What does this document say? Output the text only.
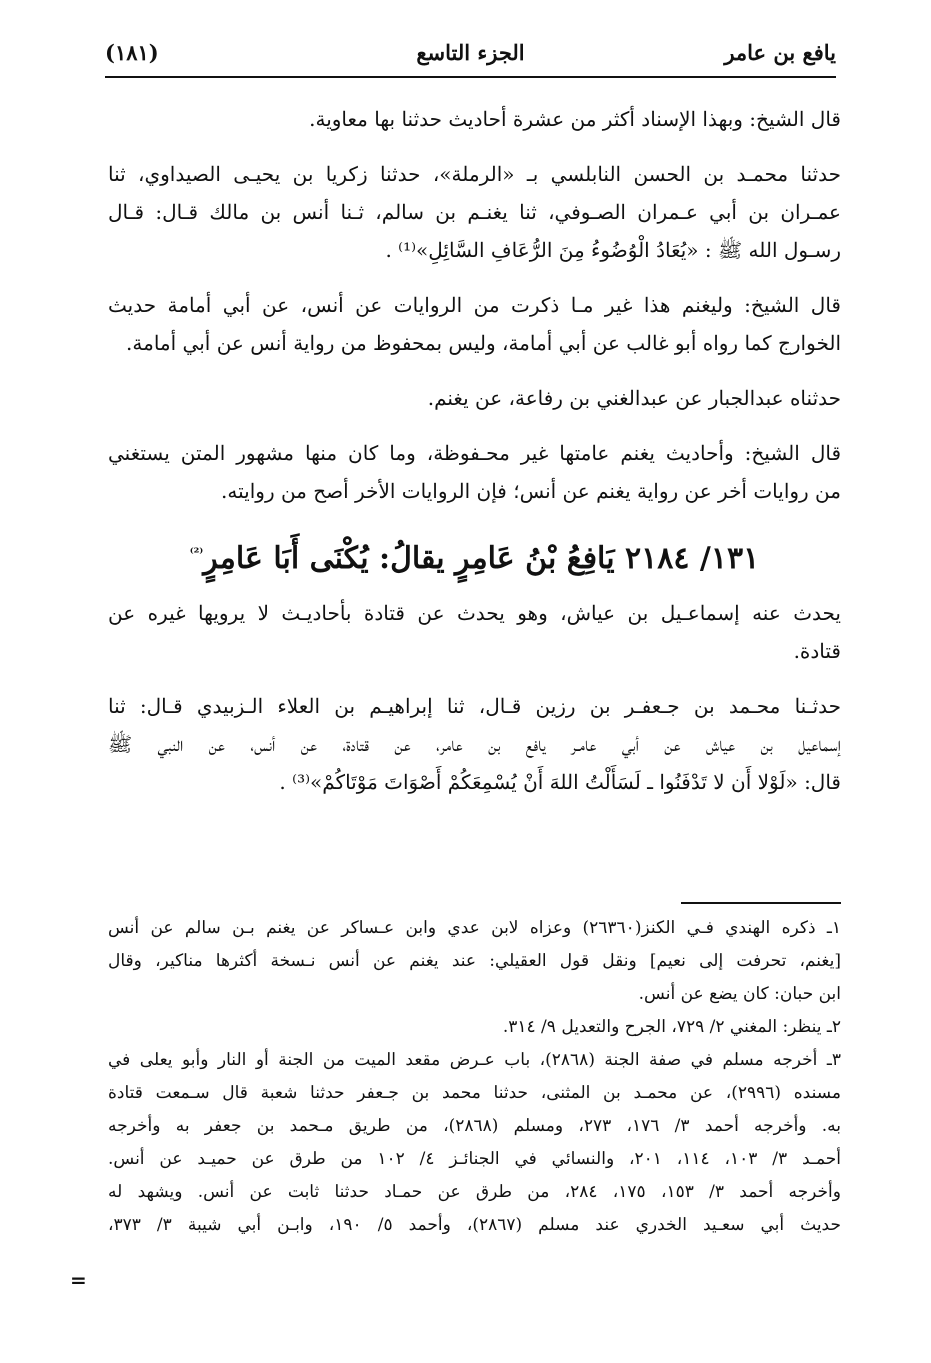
يافع بن عامر
الجزء التاسع
(١٨١)
قال الشيخ: وبهذا الإسناد أكثر من عشرة أحاديث حدثنا بها معاوية.
حدثنا محمـد بن الحسن النابلسي بـ «الرملة»، حدثنا زكريا بن يحيـى الصيداوي، ثنا
عمـران بن أبي عـمران الصـوفي، ثنا يغنـم بن سالم، ثـنا أنس بن مالك قـال: قـال
رسـول الله ﷺ : «يُعَادُ الْوُضُوءُ مِنَ الرُّعَافِ السَّائِلِ»⁽¹⁾ .
قال الشيخ: وليغنم هذا غير مـا ذكرت من الروايات عن أنس، عن أبي أمامة حديث
الخوارج كما رواه أبو غالب عن أبي أمامة، وليس بمحفوظ من رواية أنس عن أبي أمامة.
حدثناه عبدالجبار عن عبدالغني بن رفاعة، عن يغنم.
قال الشيخ: وأحاديث يغنم عامتها غير محـفوظة، وما كان منها مشهور المتن يستغني
من روايات أخر عن رواية يغنم عن أنس؛ فإن الروايات الأخر أصح من روايته.
١٣١/ ٢١٨٤ يَافِعُ بْنُ عَامِرٍ يقالُ: يُكْنَى أَبَا عَامِرٍ$^{^{(2)}}$
يحدث عنه إسماعـيل بن عياش، وهو يحدث عن قتادة بأحاديـث لا يرويها غيره عن
قتادة.
حدثـنا محـمد بن جـعفـر بن رزين قـال، ثنا إبراهيـم بن العلاء الـزبيدي قـال: ثنا
إسماعيل بن عياش عن أبي عامـر يافع بن عامر، عن قتادة، عن أنس، عن النبي ﷺ
قال: «لَوْلا أَن لا تَدْفَنُوا ـ لَسَأَلْتُ اللهَ أَنْ يُسْمِعَكُمْ أَصْوَاتَ مَوْتَاكُمْ»⁽³⁾ .
١ـ ذكره الهندي فـي الكنز(٢٦٣٦٠) وعزاه لابن عدي وابن عـساكر عن يغنم بـن سالم عن أنس
[يغنم، تحرفت إلى نعيم] ونقل قول العقيلي: عند يغنم عن أنس نـسخة أكثرها مناكير، وقال
ابن حبان: كان يضع عن أنس.
٢ـ ينظر: المغني ٢/ ٧٢٩، الجرح والتعديل ٩/ ٣١٤.
٣ـ أخرجه مسلم في صفة الجنة (٢٨٦٨)، باب عـرض مقعد الميت من الجنة أو النار وأبو يعلى في
مسنده (٢٩٩٦)، عن محمـد بن المثنى، حدثنا محمد بن جـعفر حدثنا شعبة قال سـمعت قتادة
به. وأخرجه أحمد ٣/ ١٧٦، ٢٧٣، ومسلم (٢٨٦٨)، من طريق مـحمد بن جعفر به وأخرجه
أحمـد ٣/ ١٠٣، ١١٤، ٢٠١، والنسائي في الجنائـز ٤/ ١٠٢ من طرق عن حميـد عن أنس.
وأخرجه أحمد ٣/ ١٥٣، ١٧٥، ٢٨٤، من طرق عن حمـاد حدثنا ثابت عن أنس. ويشهد له
حديث أبي سعـيد الخدري عند مسلم (٢٨٦٧)، وأحمد ٥/ ١٩٠، وابـن أبي شيبة ٣/ ٣٧٣،
=
